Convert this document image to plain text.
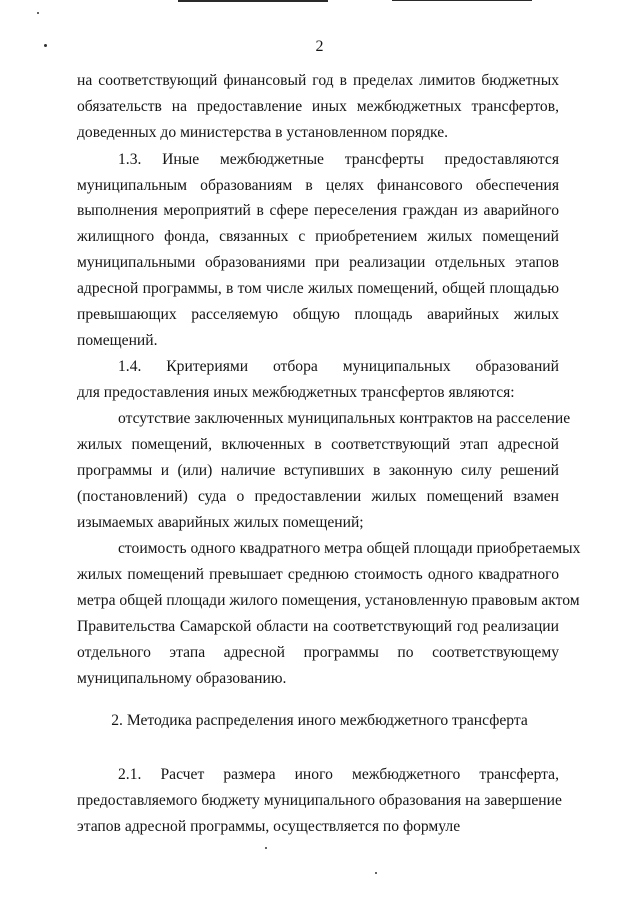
2
на соответствующий финансовый год в пределах лимитов бюджетных
обязательств на предоставление иных межбюджетных трансфертов,
доведенных до министерства в установленном порядке.
1.3. Иные межбюджетные трансферты предоставляются
муниципальным образованиям в целях финансового обеспечения
выполнения мероприятий в сфере переселения граждан из аварийного
жилищного фонда, связанных с приобретением жилых помещений
муниципальными образованиями при реализации отдельных этапов
адресной программы, в том числе жилых помещений, общей площадью
превышающих расселяемую общую площадь аварийных жилых
помещений.
1.4. Критериями отбора муниципальных образований
для предоставления иных межбюджетных трансфертов являются:
отсутствие заключенных муниципальных контрактов на расселение
жилых помещений, включенных в соответствующий этап адресной
программы и (или) наличие вступивших в законную силу решений
(постановлений) суда о предоставлении жилых помещений взамен
изымаемых аварийных жилых помещений;
стоимость одного квадратного метра общей площади приобретаемых
жилых помещений превышает среднюю стоимость одного квадратного
метра общей площади жилого помещения, установленную правовым актом
Правительства Самарской области на соответствующий год реализации
отдельного этапа адресной программы по соответствующему
муниципальному образованию.
2. Методика распределения иного межбюджетного трансферта
2.1. Расчет размера иного межбюджетного трансферта,
предоставляемого бюджету муниципального образования на завершение
этапов адресной программы, осуществляется по формуле
